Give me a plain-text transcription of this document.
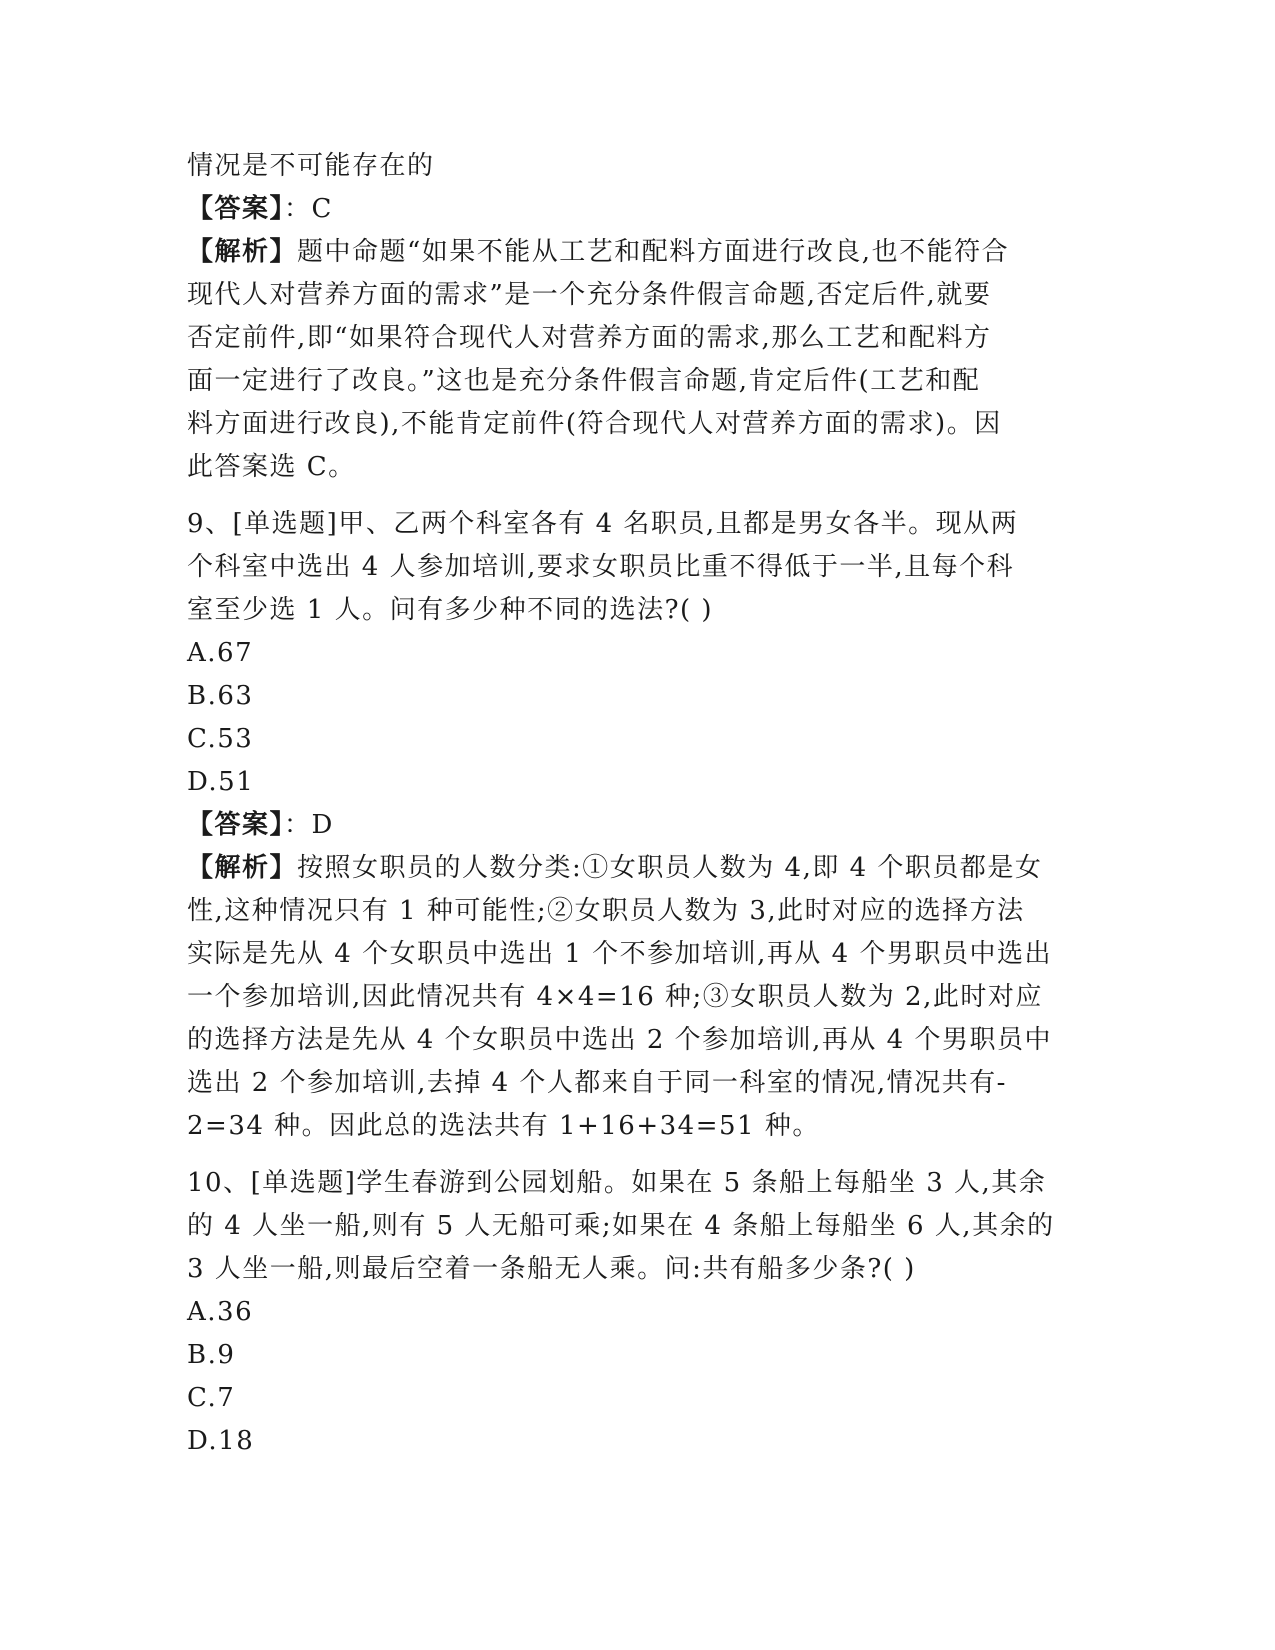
情况是不可能存在的
【答案】：C
【解析】题中命题“如果不能从工艺和配料方面进行改良,也不能符合
现代人对营养方面的需求”是一个充分条件假言命题,否定后件,就要
否定前件,即“如果符合现代人对营养方面的需求,那么工艺和配料方
面一定进行了改良。”这也是充分条件假言命题,肯定后件(工艺和配
料方面进行改良),不能肯定前件(符合现代人对营养方面的需求)。因
此答案选 C。
9、[单选题]甲、乙两个科室各有 4 名职员,且都是男女各半。现从两
个科室中选出 4 人参加培训,要求女职员比重不得低于一半,且每个科
室至少选 1 人。问有多少种不同的选法?( )
A.67
B.63
C.53
D.51
【答案】：D
【解析】按照女职员的人数分类:①女职员人数为 4,即 4 个职员都是女
性,这种情况只有 1 种可能性;②女职员人数为 3,此时对应的选择方法
实际是先从 4 个女职员中选出 1 个不参加培训,再从 4 个男职员中选出
一个参加培训,因此情况共有 4×4=16 种;③女职员人数为 2,此时对应
的选择方法是先从 4 个女职员中选出 2 个参加培训,再从 4 个男职员中
选出 2 个参加培训,去掉 4 个人都来自于同一科室的情况,情况共有-
2=34 种。因此总的选法共有 1+16+34=51 种。
10、[单选题]学生春游到公园划船。如果在 5 条船上每船坐 3 人,其余
的 4 人坐一船,则有 5 人无船可乘;如果在 4 条船上每船坐 6 人,其余的
3 人坐一船,则最后空着一条船无人乘。问:共有船多少条?( )
A.36
B.9
C.7
D.18
